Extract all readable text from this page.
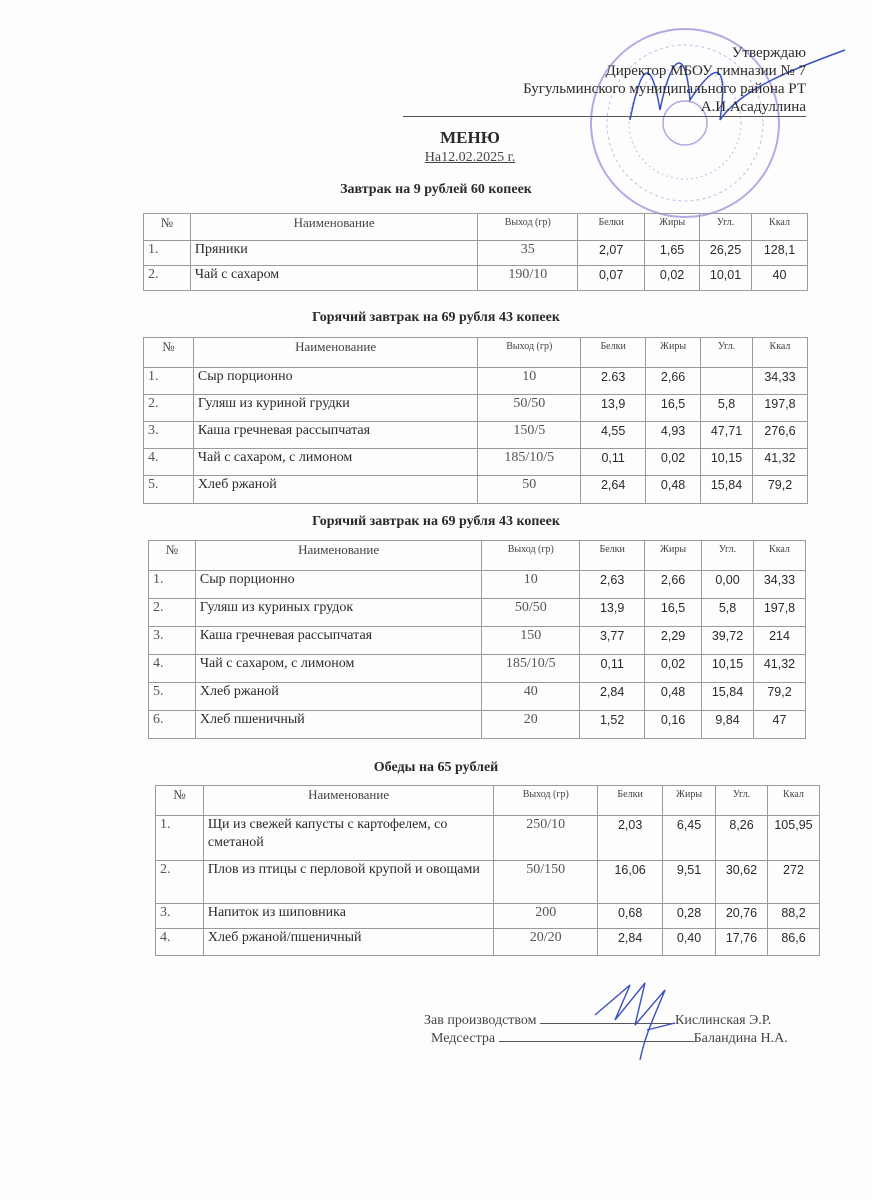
Утверждаю
Директор МБОУ гимназии № 7
Бугульминского муниципального района РТ
А.И.Асадуллина
МЕНЮ
На12.02.2025 г.
Завтрак на 9 рублей 60 копеек
№	Наименование	Выход (гр)	Белки	Жиры	Угл.	Ккал
1.	Пряники	35	2,07	1,65	26,25	128,1
2.	Чай с сахаром	190/10	0,07	0,02	10,01	40
Горячий завтрак на 69 рубля 43 копеек
№	Наименование	Выход (гр)	Белки	Жиры	Угл.	Ккал
1.	Сыр порционно	10	2.63	2,66		34,33
2.	Гуляш из куриной грудки	50/50	13,9	16,5	5,8	197,8
3.	Каша гречневая рассыпчатая	150/5	4,55	4,93	47,71	276,6
4.	Чай с сахаром, с лимоном	185/10/5	0,11	0,02	10,15	41,32
5.	Хлеб ржаной	50	2,64	0,48	15,84	79,2
Горячий завтрак на 69 рубля 43 копеек
№	Наименование	Выход (гр)	Белки	Жиры	Угл.	Ккал
1.	Сыр порционно	10	2,63	2,66	0,00	34,33
2.	Гуляш из куриных грудок	50/50	13,9	16,5	5,8	197,8
3.	Каша гречневая рассыпчатая	150	3,77	2,29	39,72	214
4.	Чай с сахаром, с лимоном	185/10/5	0,11	0,02	10,15	41,32
5.	Хлеб ржаной	40	2,84	0,48	15,84	79,2
6.	Хлеб пшеничный	20	1,52	0,16	9,84	47
Обеды на 65 рублей
№	Наименование	Выход (гр)	Белки	Жиры	Угл.	Ккал
1.	Щи из свежей капусты с картофелем, со сметаной	250/10	2,03	6,45	8,26	105,95
2.	Плов из птицы с перловой крупой и овощами	50/150	16,06	9,51	30,62	272
3.	Напиток из шиповника	200	0,68	0,28	20,76	88,2
4.	Хлеб ржаной/пшеничный	20/20	2,84	0,40	17,76	86,6
Зав производством	Кислинская Э.Р.
Медсестра	Баландина Н.А.
